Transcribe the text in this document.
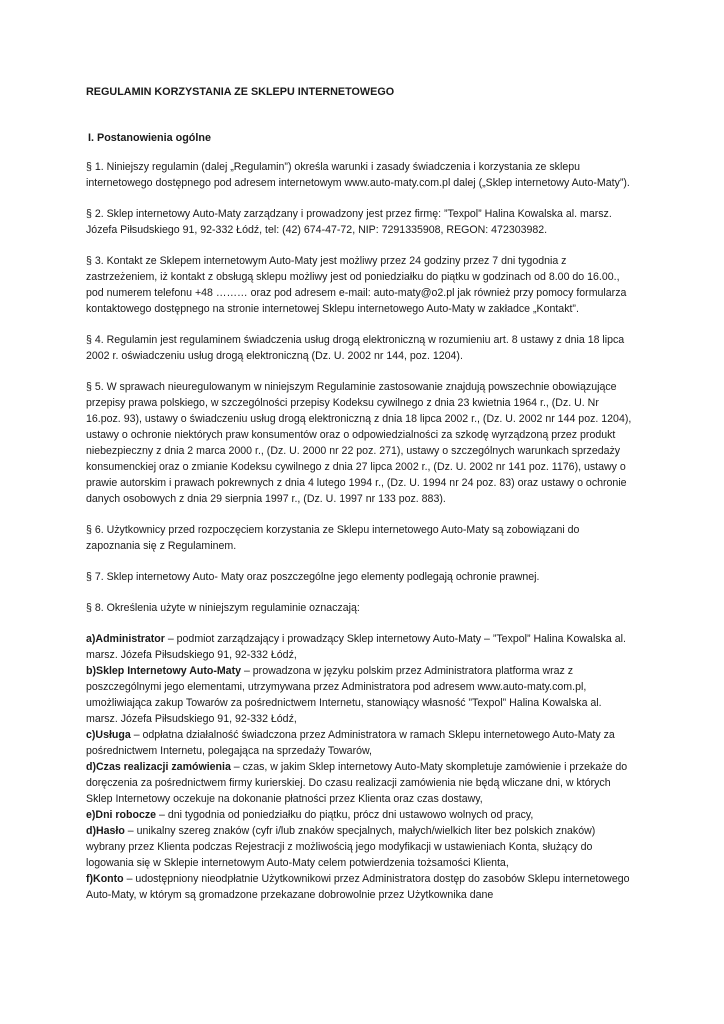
REGULAMIN KORZYSTANIA ZE SKLEPU INTERNETOWEGO
I. Postanowienia ogólne

§ 1. Niniejszy regulamin (dalej „Regulamin”) określa warunki i zasady świadczenia i korzystania ze sklepu internetowego dostępnego pod adresem internetowym www.auto-maty.com.pl dalej („Sklep internetowy Auto-Maty”).

§ 2. Sklep internetowy Auto-Maty zarządzany i prowadzony jest przez firmę: ”Texpol” Halina Kowalska al. marsz. Józefa Piłsudskiego 91, 92-332 Łódź, tel: (42) 674-47-72, NIP: 7291335908, REGON: 472303982.

§ 3. Kontakt ze Sklepem internetowym Auto-Maty jest możliwy przez 24 godziny przez 7 dni tygodnia z zastrzeżeniem, iż kontakt z obsługą sklepu możliwy jest od poniedziałku do piątku w godzinach od 8.00 do 16.00., pod numerem telefonu +48 ……… oraz pod adresem e-mail: auto-maty@o2.pl jak również przy pomocy formularza kontaktowego dostępnego na stronie internetowej Sklepu internetowego Auto-Maty w zakładce „Kontakt”.

§ 4. Regulamin jest regulaminem świadczenia usług drogą elektroniczną w rozumieniu art. 8 ustawy z dnia 18 lipca 2002 r. oświadczeniu usług drogą elektroniczną (Dz. U. 2002 nr 144, poz. 1204).

§ 5. W sprawach nieuregulowanym w niniejszym Regulaminie zastosowanie znajdują powszechnie obowiązujące przepisy prawa polskiego, w szczególności przepisy Kodeksu cywilnego z dnia 23 kwietnia 1964 r., (Dz. U. Nr 16.poz. 93), ustawy o świadczeniu usług drogą elektroniczną z dnia 18 lipca 2002 r., (Dz. U. 2002 nr 144 poz. 1204), ustawy o ochronie niektórych praw konsumentów oraz o odpowiedzialności za szkodę wyrządzoną przez produkt niebezpieczny z dnia 2 marca 2000 r., (Dz. U. 2000 nr 22 poz. 271), ustawy o szczególnych warunkach sprzedaży konsumenckiej oraz o zmianie Kodeksu cywilnego z dnia 27 lipca 2002 r., (Dz. U. 2002 nr 141 poz. 1176), ustawy o prawie autorskim i prawach pokrewnych z dnia 4 lutego 1994 r., (Dz. U. 1994 nr 24 poz. 83) oraz ustawy o ochronie danych osobowych z dnia 29 sierpnia 1997 r., (Dz. U. 1997 nr 133 poz. 883).

§ 6. Użytkownicy przed rozpoczęciem korzystania ze Sklepu internetowego Auto-Maty są zobowiązani do zapoznania się z Regulaminem.

§ 7. Sklep internetowy Auto- Maty oraz poszczególne jego elementy podlegają ochronie prawnej.

§ 8. Określenia użyte w niniejszym regulaminie oznaczają:

a)Administrator – podmiot zarządzający i prowadzący Sklep internetowy Auto-Maty – ”Texpol” Halina Kowalska al. marsz. Józefa Piłsudskiego 91, 92-332 Łódź,

b)Sklep Internetowy Auto-Maty – prowadzona w języku polskim przez Administratora platforma wraz z poszczególnymi jego elementami, utrzymywana przez Administratora pod adresem www.auto-maty.com.pl, umożliwiająca zakup Towarów za pośrednictwem Internetu, stanowiący własność ”Texpol” Halina Kowalska al. marsz. Józefa Piłsudskiego 91, 92-332 Łódź,

c)Usługa – odpłatna działalność świadczona przez Administratora w ramach Sklepu internetowego Auto-Maty za pośrednictwem Internetu, polegająca na sprzedaży Towarów,

d)Czas realizacji zamówienia – czas, w jakim Sklep internetowy Auto-Maty skompletuje zamówienie i przekaże do doręczenia za pośrednictwem firmy kurierskiej. Do czasu realizacji zamówienia nie będą wliczane dni, w których Sklep Internetowy oczekuje na dokonanie płatności przez Klienta oraz czas dostawy,

e)Dni robocze – dni tygodnia od poniedziałku do piątku, prócz dni ustawowo wolnych od pracy,

d)Hasło – unikalny szereg znaków (cyfr i/lub znaków specjalnych, małych/wielkich liter bez polskich znaków) wybrany przez Klienta podczas Rejestracji z możliwością jego modyfikacji w ustawieniach Konta, służący do logowania się w Sklepie internetowym Auto-Maty celem potwierdzenia tożsamości Klienta,

f)Konto – udostępniony nieodpłatnie Użytkownikowi przez Administratora dostęp do zasobów Sklepu internetowego Auto-Maty, w którym są gromadzone przekazane dobrowolnie przez Użytkownika dane
